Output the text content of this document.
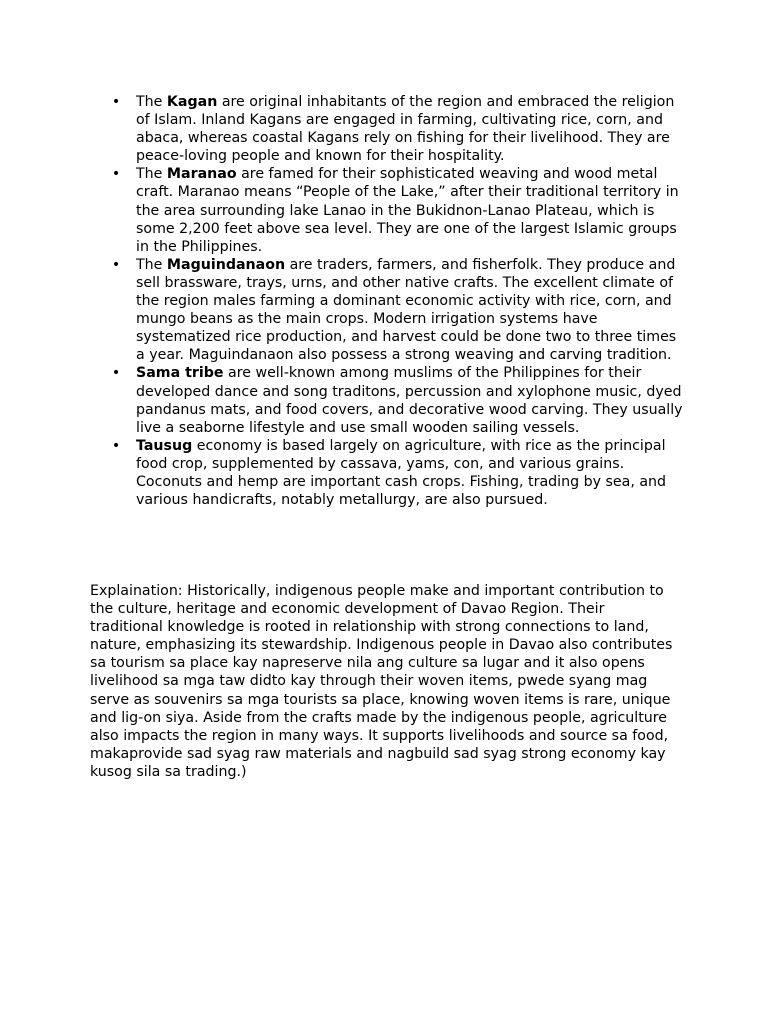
• The Kagan are original inhabitants of the region and embraced the religion of Islam. Inland Kagans are engaged in farming, cultivating rice, corn, and abaca, whereas coastal Kagans rely on fishing for their livelihood. They are peace-loving people and known for their hospitality.
• The Maranao are famed for their sophisticated weaving and wood metal craft. Maranao means “People of the Lake,” after their traditional territory in the area surrounding lake Lanao in the Bukidnon-Lanao Plateau, which is some 2,200 feet above sea level. They are one of the largest Islamic groups in the Philippines.
• The Maguindanaon are traders, farmers, and fisherfolk. They produce and sell brassware, trays, urns, and other native crafts. The excellent climate of the region males farming a dominant economic activity with rice, corn, and mungo beans as the main crops. Modern irrigation systems have systematized rice production, and harvest could be done two to three times a year. Maguindanaon also possess a strong weaving and carving tradition.
• Sama tribe are well-known among muslims of the Philippines for their developed dance and song traditons, percussion and xylophone music, dyed pandanus mats, and food covers, and decorative wood carving. They usually live a seaborne lifestyle and use small wooden sailing vessels.
• Tausug economy is based largely on agriculture, with rice as the principal food crop, supplemented by cassava, yams, con, and various grains. Coconuts and hemp are important cash crops. Fishing, trading by sea, and various handicrafts, notably metallurgy, are also pursued.

Explaination: Historically, indigenous people make and important contribution to the culture, heritage and economic development of Davao Region. Their traditional knowledge is rooted in relationship with strong connections to land, nature, emphasizing its stewardship. Indigenous people in Davao also contributes sa tourism sa place kay napreserve nila ang culture sa lugar and it also opens livelihood sa mga taw didto kay through their woven items, pwede syang mag serve as souvenirs sa mga tourists sa place, knowing woven items is rare, unique and lig-on siya. Aside from the crafts made by the indigenous people, agriculture also impacts the region in many ways. It supports livelihoods and source sa food, makaprovide sad syag raw materials and nagbuild sad syag strong economy kay kusog sila sa trading.)
